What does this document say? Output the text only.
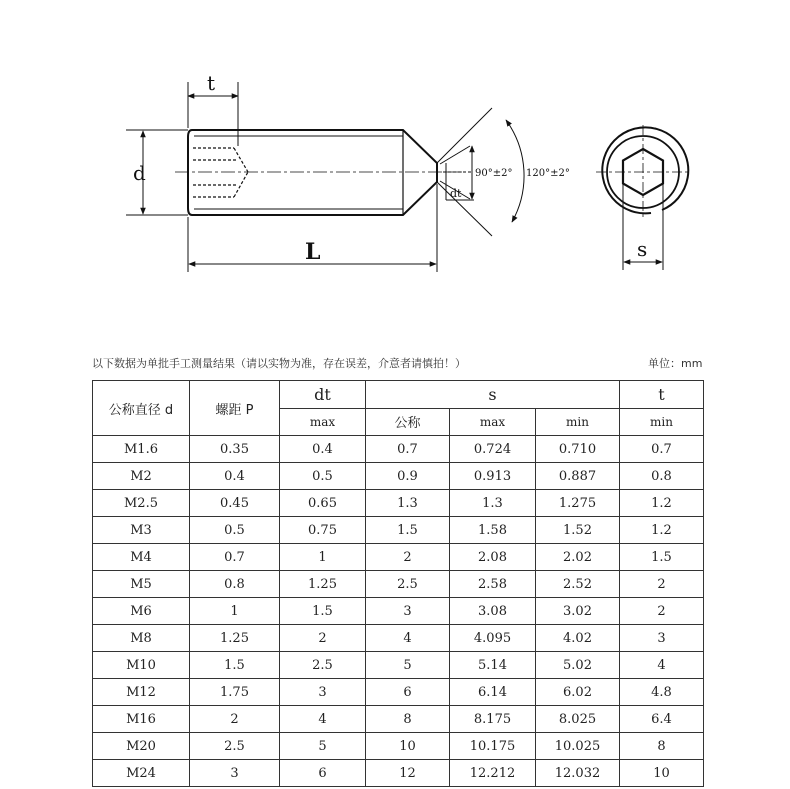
t
d
L
90°±2° 120°±2°
dt
s
以下数据为单批手工测量结果（请以实物为准，存在误差，介意者请慎拍！）	单位：mm
公称直径 d	螺距 P	dt	s			t
		max	公称	max	min	min
M1.6	0.35	0.4	0.7	0.724	0.710	0.7
M2	0.4	0.5	0.9	0.913	0.887	0.8
M2.5	0.45	0.65	1.3	1.3	1.275	1.2
M3	0.5	0.75	1.5	1.58	1.52	1.2
M4	0.7	1	2	2.08	2.02	1.5
M5	0.8	1.25	2.5	2.58	2.52	2
M6	1	1.5	3	3.08	3.02	2
M8	1.25	2	4	4.095	4.02	3
M10	1.5	2.5	5	5.14	5.02	4
M12	1.75	3	6	6.14	6.02	4.8
M16	2	4	8	8.175	8.025	6.4
M20	2.5	5	10	10.175	10.025	8
M24	3	6	12	12.212	12.032	10
